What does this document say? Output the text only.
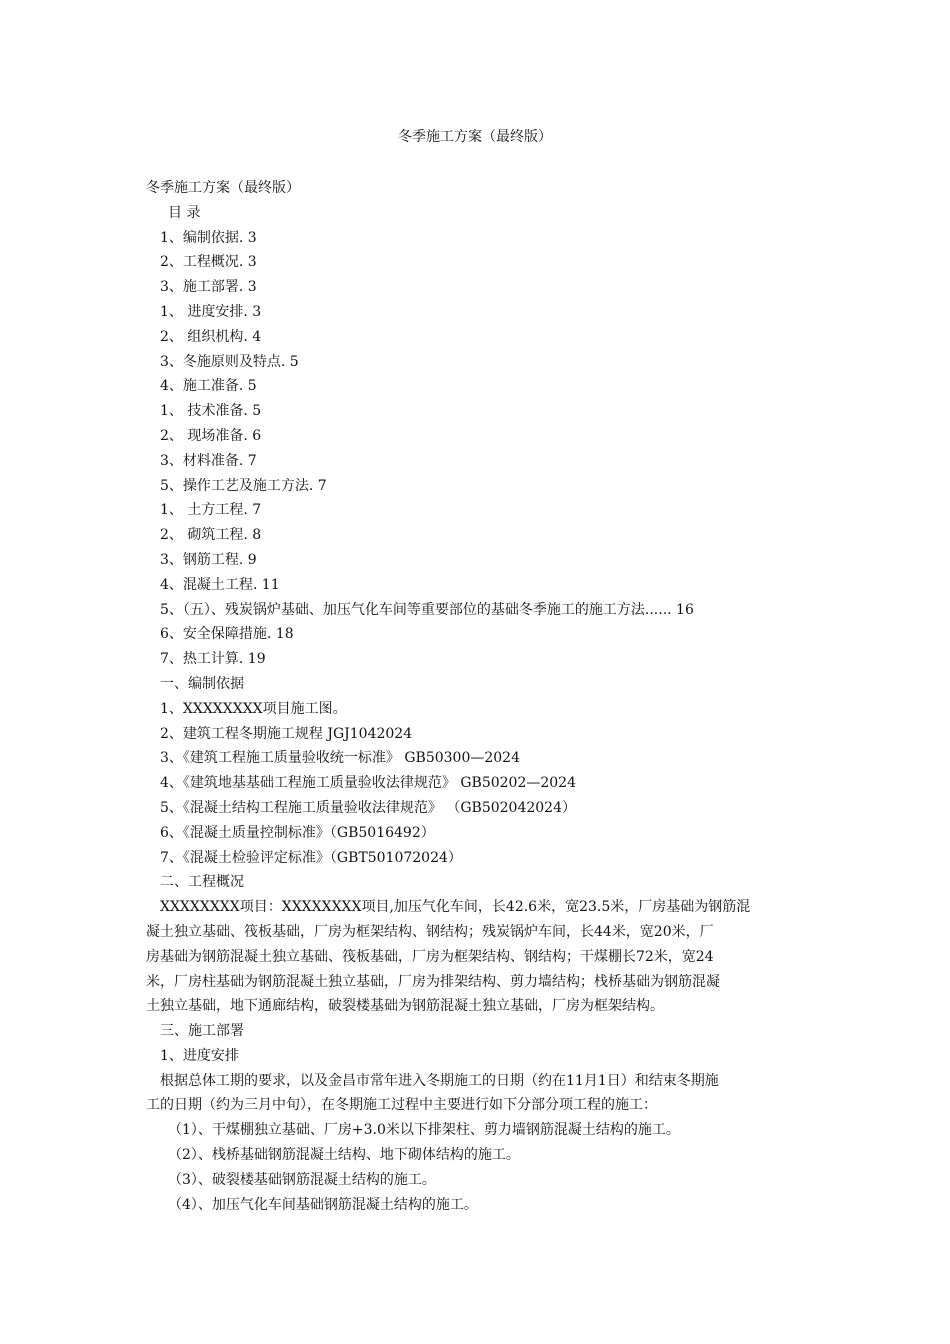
冬季施工方案（最终版）
冬季施工方案（最终版）
目 录
1、编制依据. 3
2、工程概况. 3
3、施工部署. 3
1、 进度安排. 3
2、 组织机构. 4
3、冬施原则及特点. 5
4、施工准备. 5
1、 技术准备. 5
2、 现场准备. 6
3、材料准备. 7
5、操作工艺及施工方法. 7
1、 土方工程. 7
2、 砌筑工程. 8
3、钢筋工程. 9
4、混凝土工程. 11
5、（五）、残炭锅炉基础、加压气化车间等重要部位的基础冬季施工的施工方法...... 16
6、安全保障措施. 18
7、热工计算. 19
一、编制依据
1、XXXXXXXX项目施工图。
2、建筑工程冬期施工规程 JGJ1042024
3、《建筑工程施工质量验收统一标准》 GB50300—2024
4、《建筑地基基础工程施工质量验收法律规范》 GB50202—2024
5、《混凝土结构工程施工质量验收法律规范》 （GB502042024）
6、《混凝土质量控制标准》（GB5016492）
7、《混凝土检验评定标准》（GBT501072024）
二、工程概况
XXXXXXXX项目：XXXXXXXX项目,加压气化车间，长42.6米，宽23.5米，厂房基础为钢筋混
凝土独立基础、筏板基础，厂房为框架结构、钢结构；残炭锅炉车间，长44米，宽20米，厂
房基础为钢筋混凝土独立基础、筏板基础，厂房为框架结构、钢结构；干煤棚长72米，宽24
米，厂房柱基础为钢筋混凝土独立基础，厂房为排架结构、剪力墙结构；栈桥基础为钢筋混凝
土独立基础，地下通廊结构，破裂楼基础为钢筋混凝土独立基础，厂房为框架结构。
三、施工部署
1、进度安排
根据总体工期的要求，以及金昌市常年进入冬期施工的日期（约在11月1日）和结束冬期施
工的日期（约为三月中旬），在冬期施工过程中主要进行如下分部分项工程的施工：
（1）、干煤棚独立基础、厂房+3.0米以下排架柱、剪力墙钢筋混凝土结构的施工。
（2）、栈桥基础钢筋混凝土结构、地下砌体结构的施工。
（3）、破裂楼基础钢筋混凝土结构的施工。
（4）、加压气化车间基础钢筋混凝土结构的施工。
